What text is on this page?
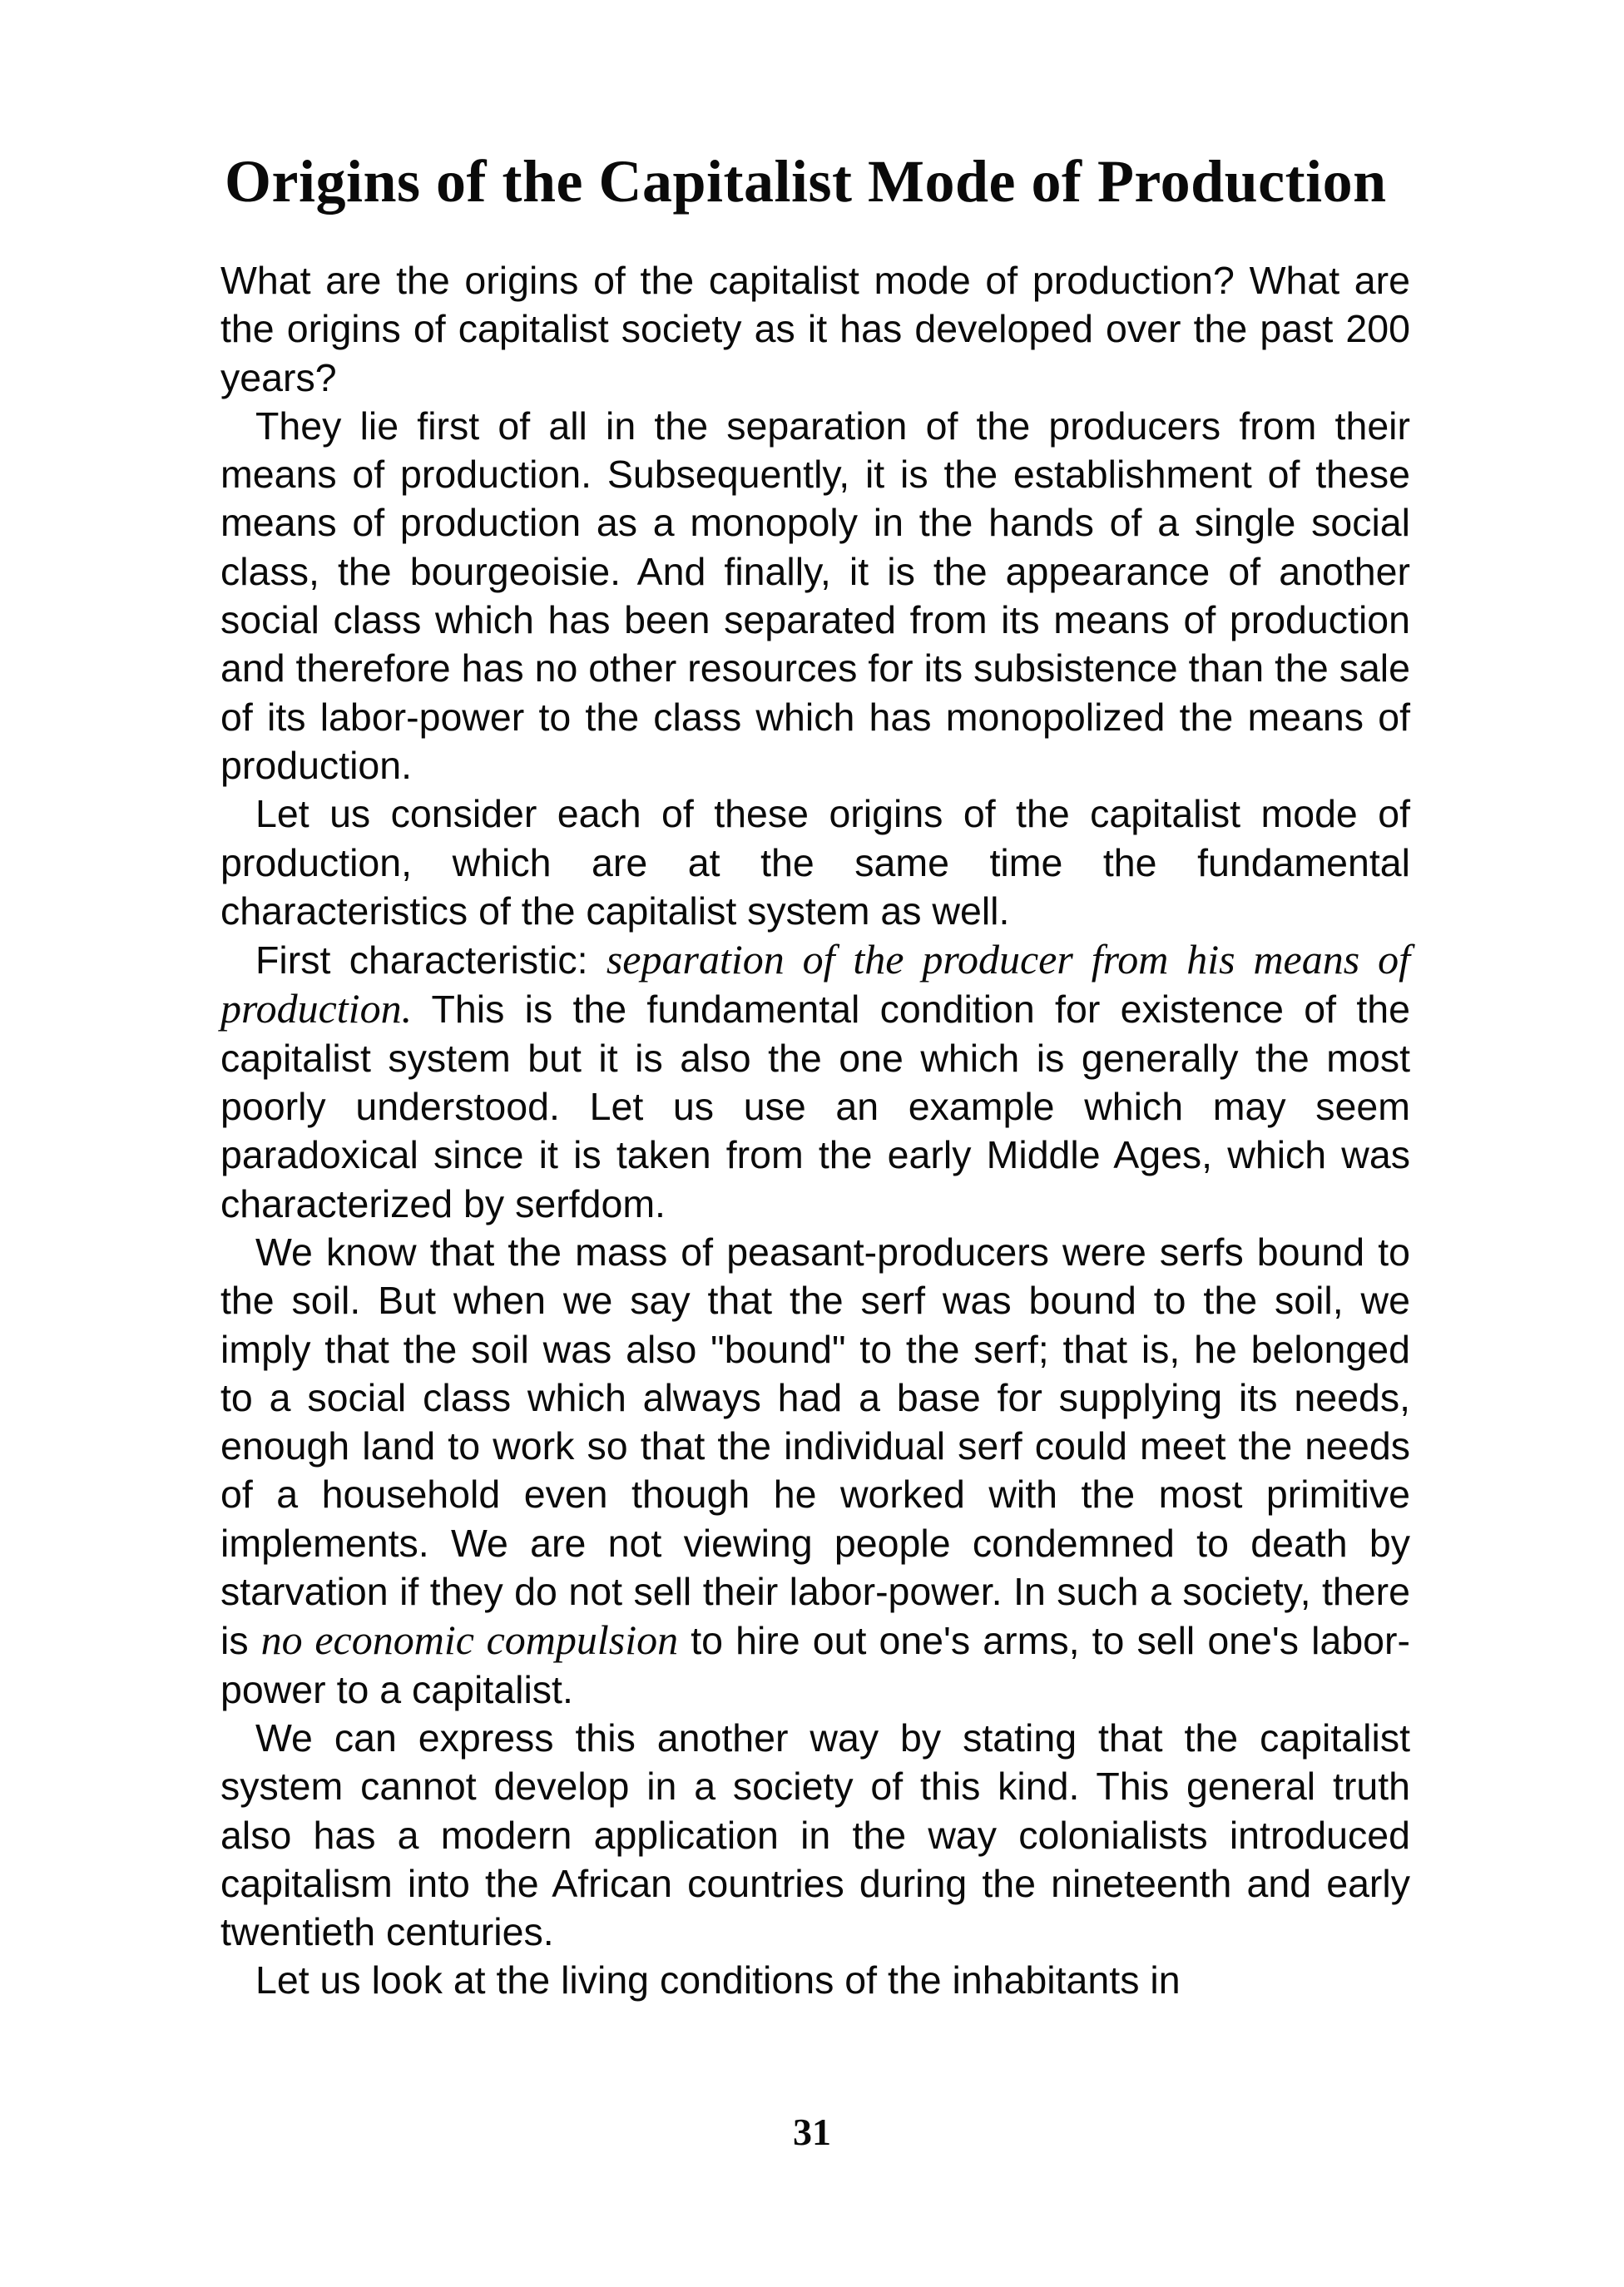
Origins of the Capitalist Mode of Production

What are the origins of the capitalist mode of production? What are the origins of capitalist society as it has developed over the past 200 years?

They lie first of all in the separation of the producers from their means of production. Subsequently, it is the establishment of these means of production as a monopoly in the hands of a single social class, the bourgeoisie. And finally, it is the appearance of another social class which has been separated from its means of production and therefore has no other resources for its subsistence than the sale of its labor-power to the class which has monopolized the means of production.

Let us consider each of these origins of the capitalist mode of production, which are at the same time the fundamental characteristics of the capitalist system as well.

First characteristic: separation of the producer from his means of production. This is the fundamental condition for existence of the capitalist system but it is also the one which is generally the most poorly understood. Let us use an example which may seem paradoxical since it is taken from the early Middle Ages, which was characterized by serfdom.

We know that the mass of peasant-producers were serfs bound to the soil. But when we say that the serf was bound to the soil, we imply that the soil was also "bound" to the serf; that is, he belonged to a social class which always had a base for supplying its needs, enough land to work so that the individual serf could meet the needs of a household even though he worked with the most primitive implements. We are not viewing people condemned to death by starvation if they do not sell their labor-power. In such a society, there is no economic compulsion to hire out one's arms, to sell one's labor-power to a capitalist.

We can express this another way by stating that the capitalist system cannot develop in a society of this kind. This general truth also has a modern application in the way colonialists introduced capitalism into the African countries during the nineteenth and early twentieth centuries.

Let us look at the living conditions of the inhabitants in

31
